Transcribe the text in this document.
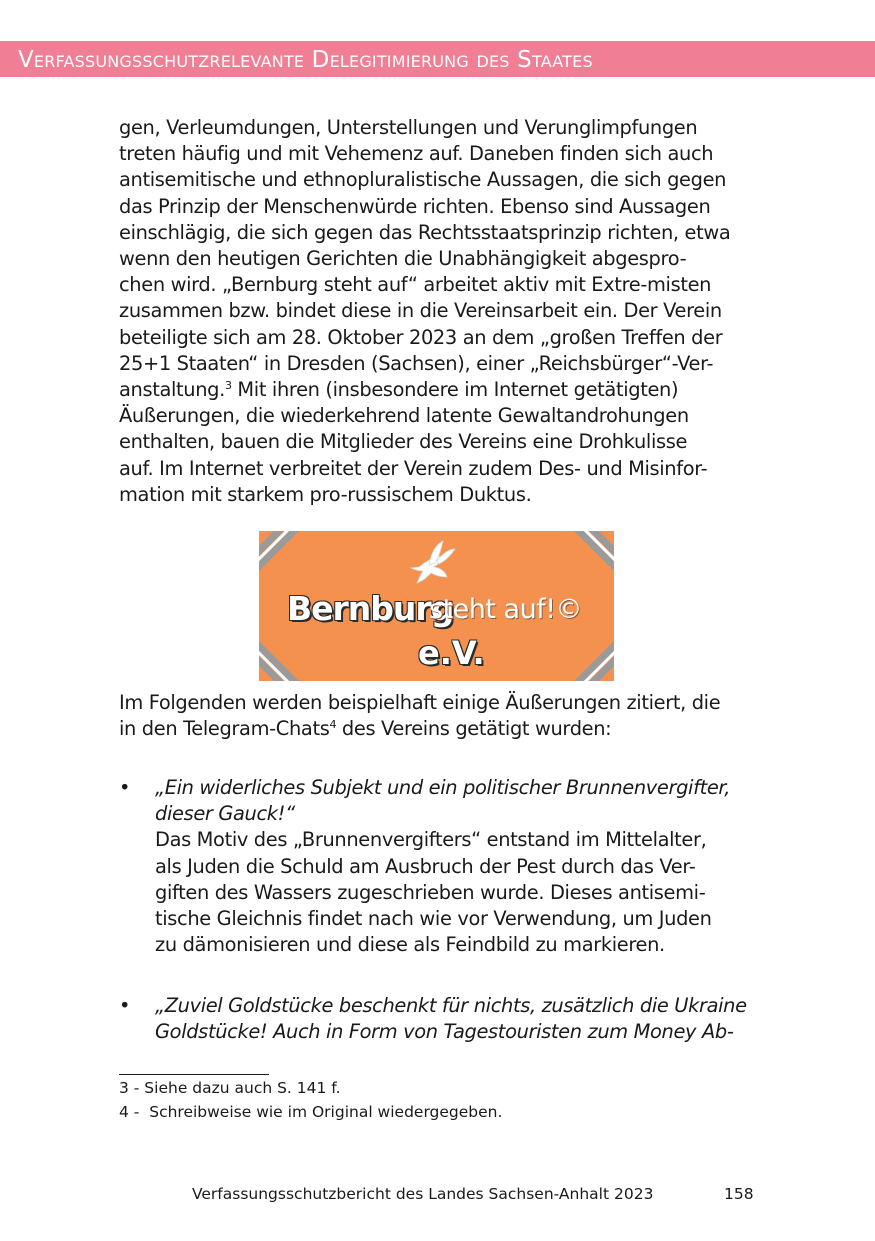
Verfassungsschutzrelevante Delegitimierung des Staates
gen, Verleumdungen, Unterstellungen und Verunglimpfungen
treten häufig und mit Vehemenz auf. Daneben finden sich auch
antisemitische und ethnopluralistische Aussagen, die sich gegen
das Prinzip der Menschenwürde richten. Ebenso sind Aussagen
einschlägig, die sich gegen das Rechtsstaatsprinzip richten, etwa
wenn den heutigen Gerichten die Unabhängigkeit abgespro-
chen wird. „Bernburg steht auf“ arbeitet aktiv mit Extre-misten
zusammen bzw. bindet diese in die Vereinsarbeit ein. Der Verein
beteiligte sich am 28. Oktober 2023 an dem „großen Treffen der
25+1 Staaten“ in Dresden (Sachsen), einer „Reichsbürger“-Ver-
anstaltung.$^3$ Mit ihren (insbesondere im Internet getätigten)
Äußerungen, die wiederkehrend latente Gewaltandrohungen
enthalten, bauen die Mitglieder des Vereins eine Drohkulisse
auf. Im Internet verbreitet der Verein zudem Des- und Misinfor-
mation mit starkem pro-russischem Duktus.
Bernburg
steht auf!©
e.V.
Im Folgenden werden beispielhaft einige Äußerungen zitiert, die
in den Telegram-Chats$^4$ des Vereins getätigt wurden:
• „Ein widerliches Subjekt und ein politischer Brunnenvergifter,
dieser Gauck!“
Das Motiv des „Brunnenvergifters“ entstand im Mittelalter,
als Juden die Schuld am Ausbruch der Pest durch das Ver-
giften des Wassers zugeschrieben wurde. Dieses antisemi-
tische Gleichnis findet nach wie vor Verwendung, um Juden
zu dämonisieren und diese als Feindbild zu markieren.
• „Zuviel Goldstücke beschenkt für nichts, zusätzlich die Ukraine
Goldstücke! Auch in Form von Tagestouristen zum Money Ab-
3 - Siehe dazu auch S. 141 f.
4 -  Schreibweise wie im Original wiedergegeben.
Verfassungsschutzbericht des Landes Sachsen-Anhalt 2023	158
